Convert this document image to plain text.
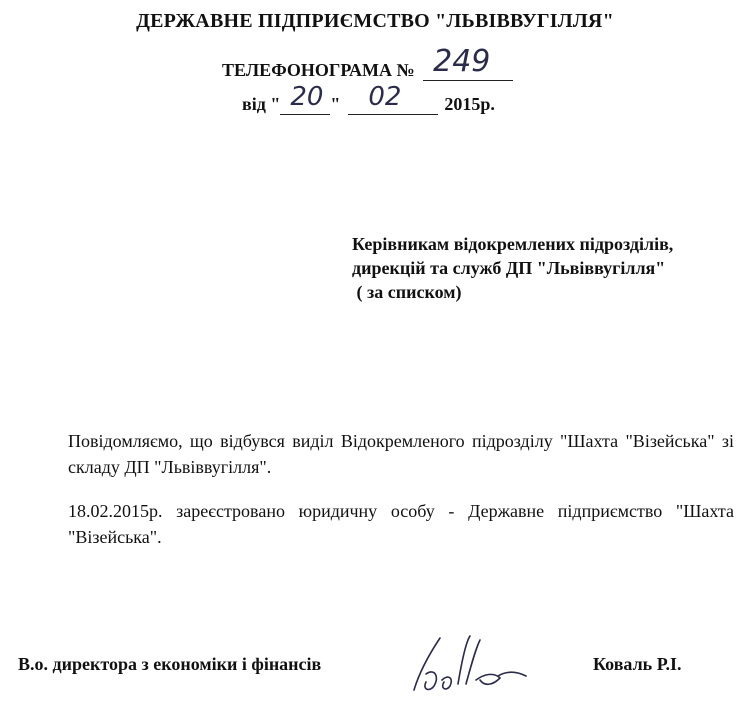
ДЕРЖАВНЕ ПІДПРИЄМСТВО "ЛЬВІВВУГІЛЛЯ"
ТЕЛЕФОНОГРАМА № 249
від " 20 " 02 2015р.
Керівникам відокремлених підрозділів,
дирекцій та служб ДП "Львіввугілля"
( за списком)
Повідомляємо, що відбувся виділ Відокремленого підрозділу "Шахта "Візейська" зі складу ДП "Львіввугілля".
18.02.2015р. зареєстровано юридичну особу - Державне підприємство "Шахта "Візейська".
В.о. директора з економіки і фінансів	Коваль Р.І.
